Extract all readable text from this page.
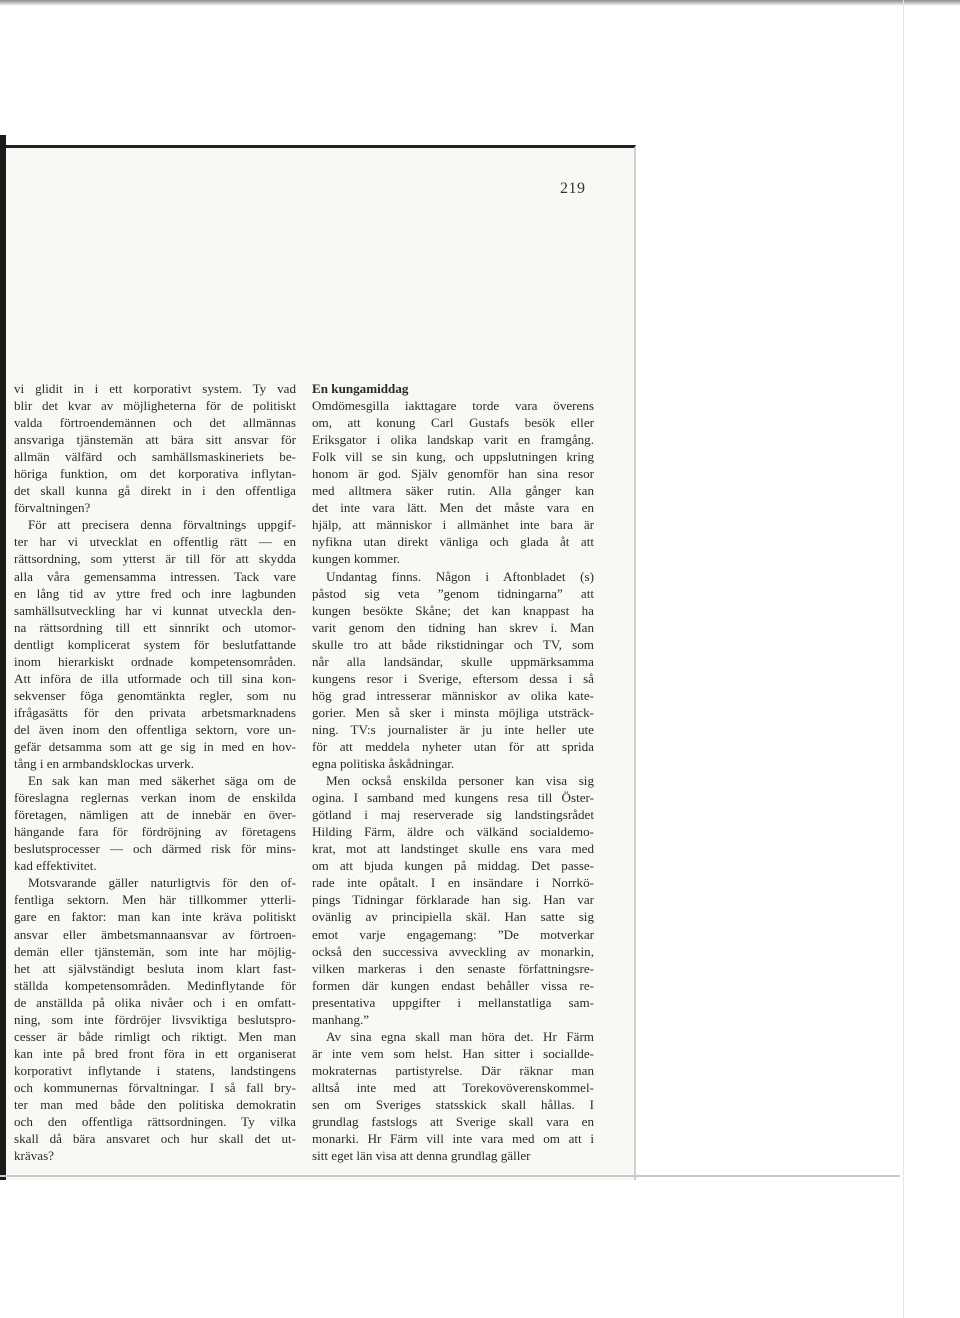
219
vi glidit in i ett korporativt system. Ty vad
blir det kvar av möjligheterna för de politiskt
valda förtroendemännen och det allmännas
ansvariga tjänstemän att bära sitt ansvar för
allmän välfärd och samhällsmaskineriets be-
höriga funktion, om det korporativa inflytan-
det skall kunna gå direkt in i den offentliga
förvaltningen?
För att precisera denna förvaltnings uppgif-
ter har vi utvecklat en offentlig rätt — en
rättsordning, som ytterst är till för att skydda
alla våra gemensamma intressen. Tack vare
en lång tid av yttre fred och inre lagbunden
samhällsutveckling har vi kunnat utveckla den-
na rättsordning till ett sinnrikt och utomor-
dentligt komplicerat system för beslutfattande
inom hierarkiskt ordnade kompetensområden.
Att införa de illa utformade och till sina kon-
sekvenser föga genomtänkta regler, som nu
ifrågasätts för den privata arbetsmarknadens
del även inom den offentliga sektorn, vore un-
gefär detsamma som att ge sig in med en hov-
tång i en armbandsklockas urverk.
En sak kan man med säkerhet säga om de
föreslagna reglernas verkan inom de enskilda
företagen, nämligen att de innebär en över-
hängande fara för fördröjning av företagens
beslutsprocesser — och därmed risk för mins-
kad effektivitet.
Motsvarande gäller naturligtvis för den of-
fentliga sektorn. Men här tillkommer ytterli-
gare en faktor: man kan inte kräva politiskt
ansvar eller ämbetsmannaansvar av förtroen-
demän eller tjänstemän, som inte har möjlig-
het att självständigt besluta inom klart fast-
ställda kompetensområden. Medinflytande för
de anställda på olika nivåer och i en omfatt-
ning, som inte fördröjer livsviktiga beslutspro-
cesser är både rimligt och riktigt. Men man
kan inte på bred front föra in ett organiserat
korporativt inflytande i statens, landstingens
och kommunernas förvaltningar. I så fall bry-
ter man med både den politiska demokratin
och den offentliga rättsordningen. Ty vilka
skall då bära ansvaret och hur skall det ut-
krävas?
En kungamiddag
Omdömesgilla iakttagare torde vara överens
om, att konung Carl Gustafs besök eller
Eriksgator i olika landskap varit en framgång.
Folk vill se sin kung, och uppslutningen kring
honom är god. Själv genomför han sina resor
med alltmera säker rutin. Alla gånger kan
det inte vara lätt. Men det måste vara en
hjälp, att människor i allmänhet inte bara är
nyfikna utan direkt vänliga och glada åt att
kungen kommer.
Undantag finns. Någon i Aftonbladet (s)
påstod sig veta ”genom tidningarna” att
kungen besökte Skåne; det kan knappast ha
varit genom den tidning han skrev i. Man
skulle tro att både rikstidningar och TV, som
når alla landsändar, skulle uppmärksamma
kungens resor i Sverige, eftersom dessa i så
hög grad intresserar människor av olika kate-
gorier. Men så sker i minsta möjliga utsträck-
ning. TV:s journalister är ju inte heller ute
för att meddela nyheter utan för att sprida
egna politiska åskådningar.
Men också enskilda personer kan visa sig
ogina. I samband med kungens resa till Öster-
götland i maj reserverade sig landstingsrådet
Hilding Färm, äldre och välkänd socialdemo-
krat, mot att landstinget skulle ens vara med
om att bjuda kungen på middag. Det passe-
rade inte opåtalt. I en insändare i Norrkö-
pings Tidningar förklarade han sig. Han var
ovänlig av principiella skäl. Han satte sig
emot varje engagemang: ”De motverkar
också den successiva avveckling av monarkin,
vilken markeras i den senaste författningsre-
formen där kungen endast behåller vissa re-
presentativa uppgifter i mellanstatliga sam-
manhang.”
Av sina egna skall man höra det. Hr Färm
är inte vem som helst. Han sitter i sociallde-
mokraternas partistyrelse. Där räknar man
alltså inte med att Torekovöverenskommel-
sen om Sveriges statsskick skall hållas. I
grundlag fastslogs att Sverige skall vara en
monarki. Hr Färm vill inte vara med om att i
sitt eget län visa att denna grundlag gäller
